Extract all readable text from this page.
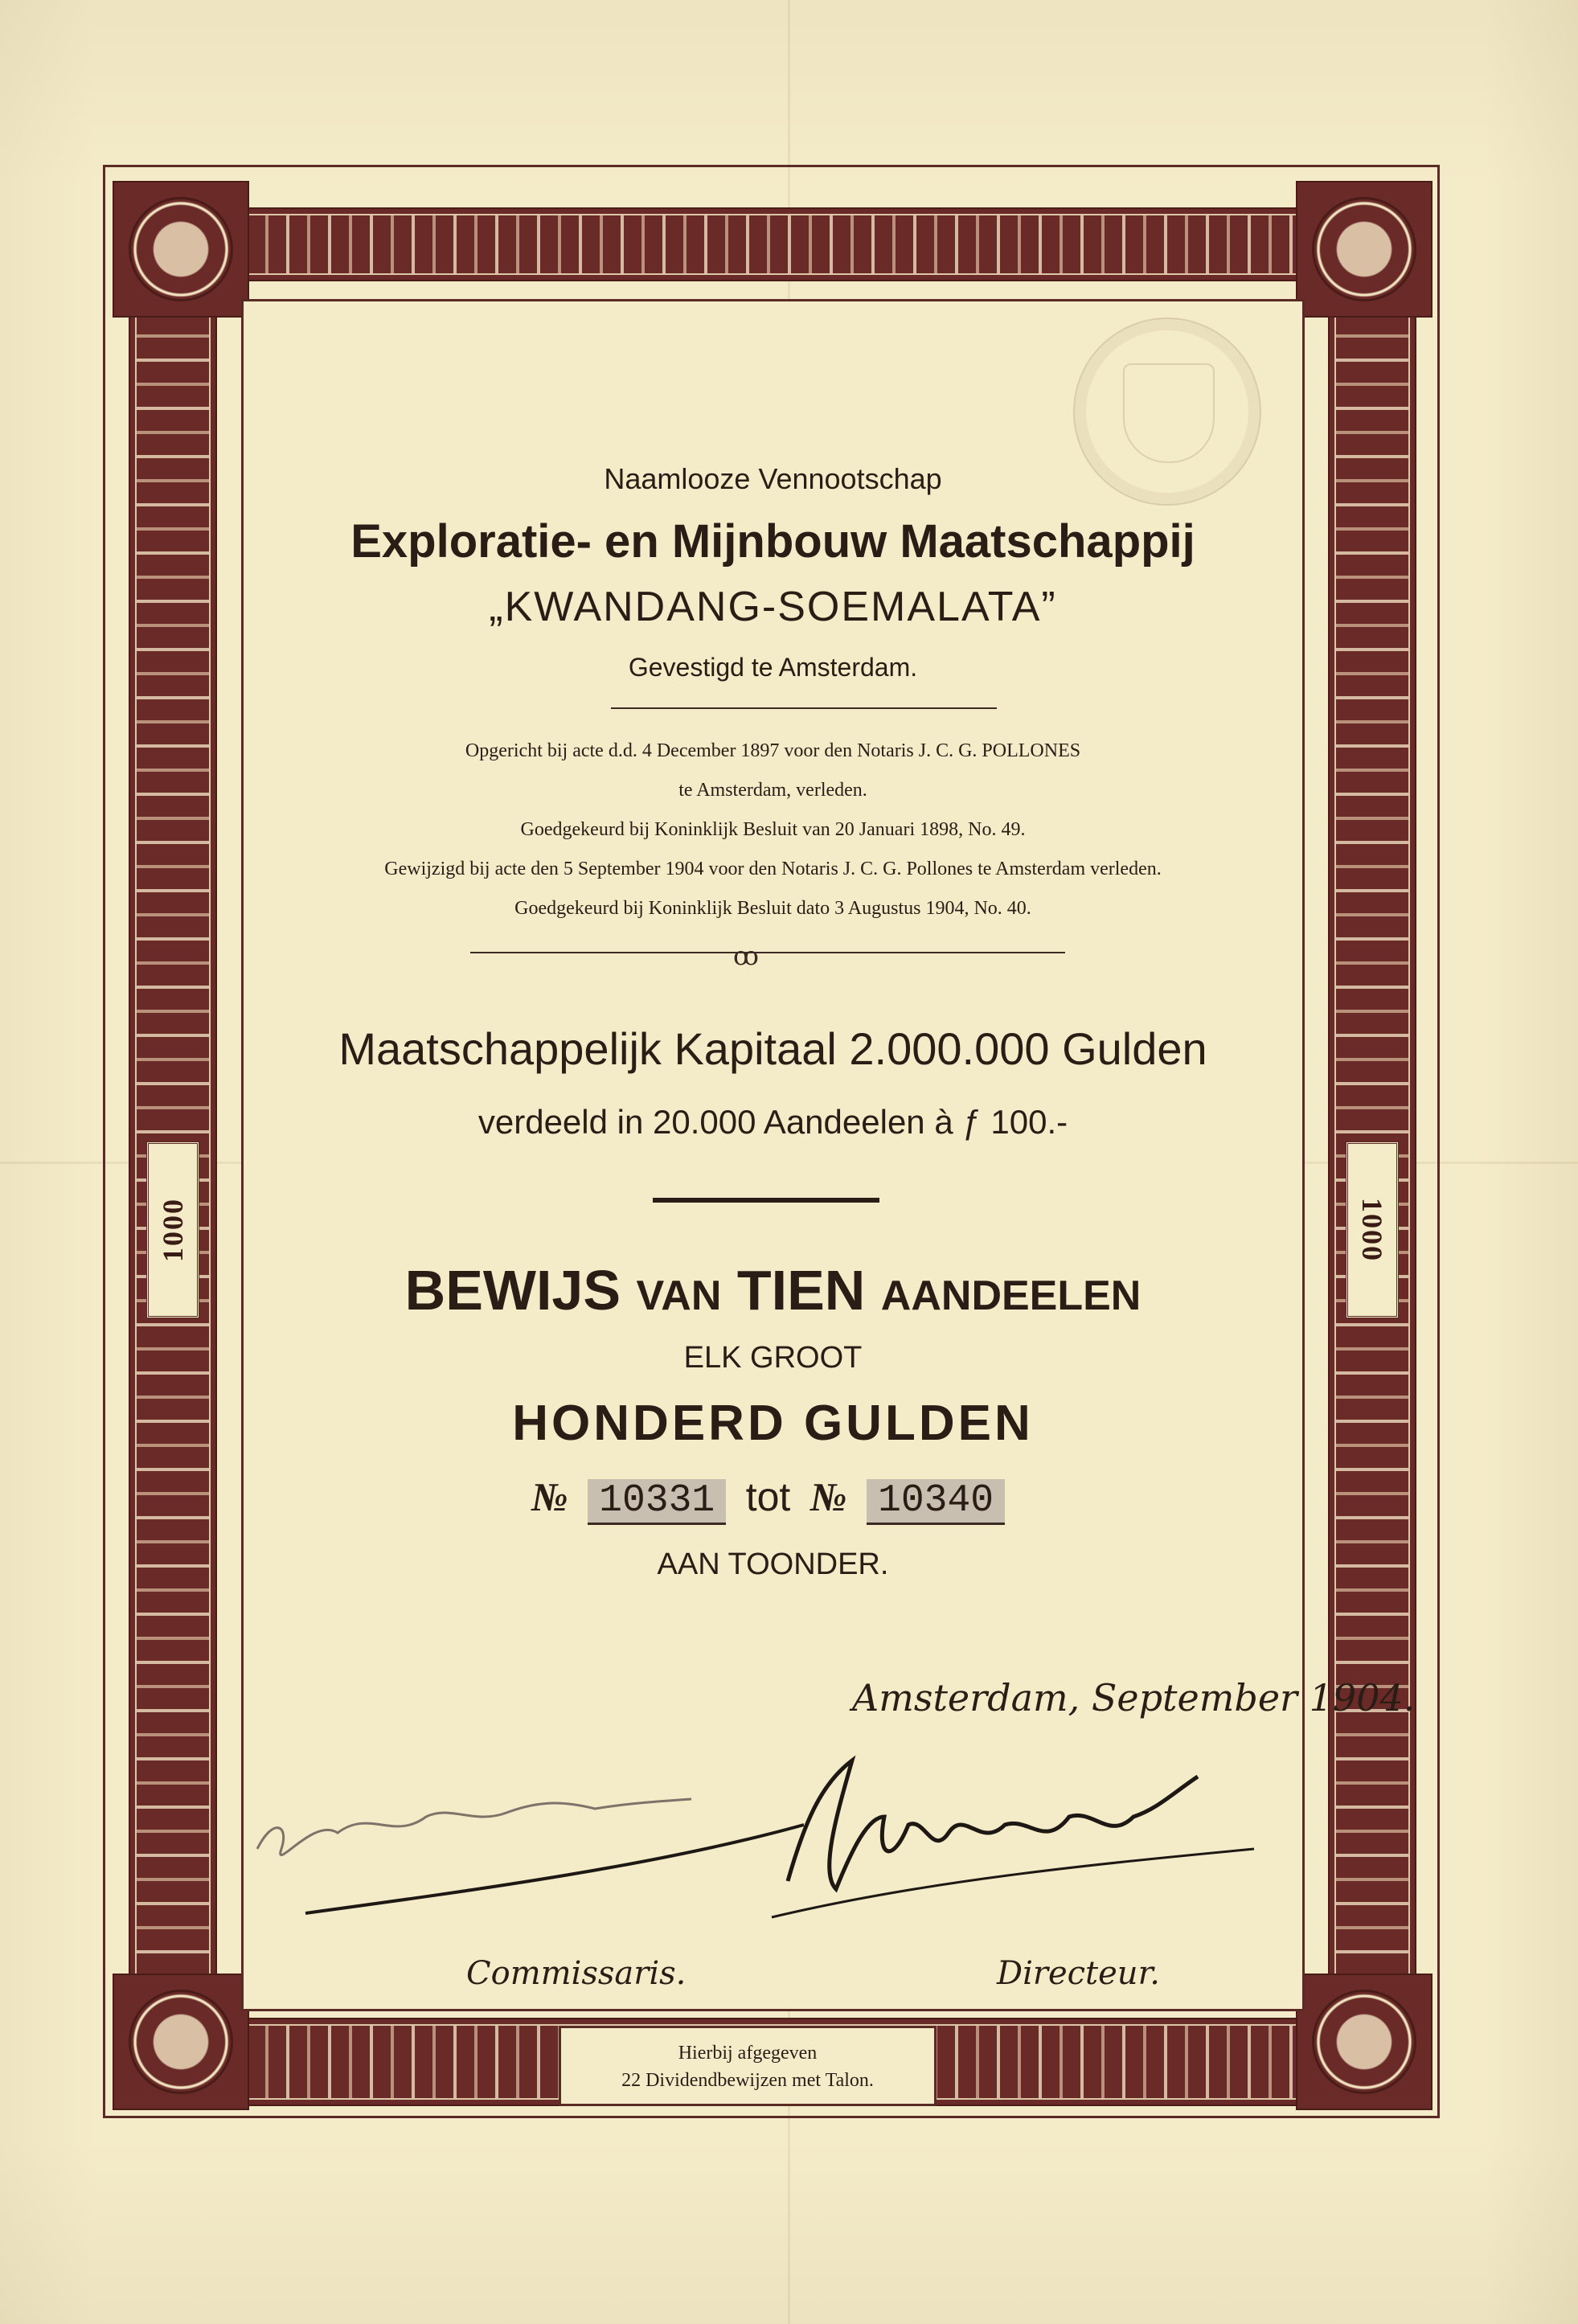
1000	1000
Naamlooze Vennootschap
Exploratie- en Mijnbouw Maatschappij
„KWANDANG-SOEMALATA”
Gevestigd te Amsterdam.
Opgericht bij acte d.d. 4 December 1897 voor den Notaris J. C. G. POLLONES
te Amsterdam, verleden.
Goedgekeurd bij Koninklijk Besluit van 20 Januari 1898, No. 49.
Gewijzigd bij acte den 5 September 1904 voor den Notaris J. C. G. Pollones te Amsterdam verleden.
Goedgekeurd bij Koninklijk Besluit dato 3 Augustus 1904, No. 40.
ꝏ
Maatschappelijk Kapitaal 2.000.000 Gulden
verdeeld in 20.000 Aandeelen à ƒ 100.-
BEWIJS VAN TIEN AANDEELEN
ELK GROOT
HONDERD GULDEN
№ 10331 tot № 10340
AAN TOONDER.
Amsterdam, September 1904.
Commissaris.	Directeur.
Hierbij afgegeven
22 Dividendbewijzen met Talon.
